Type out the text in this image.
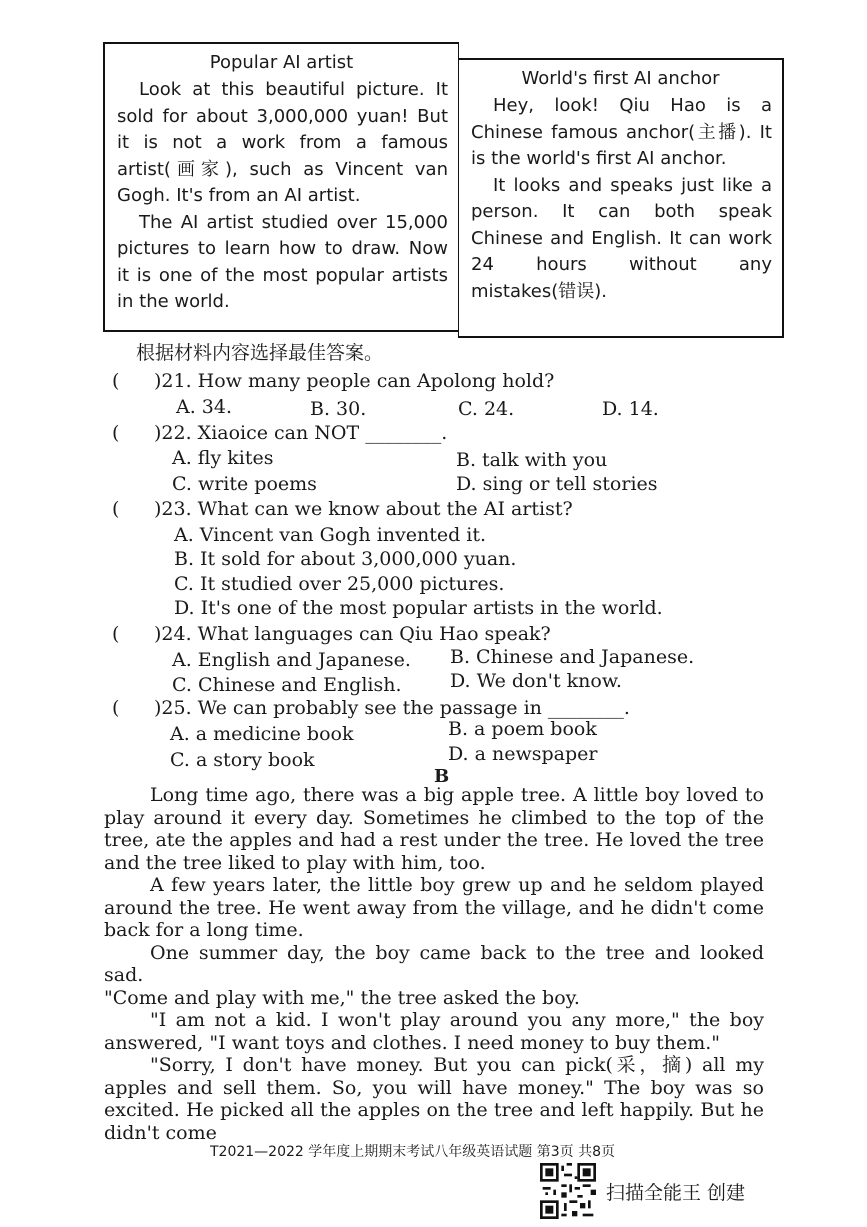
Popular AI artist

Look at this beautiful picture. It sold for about 3,000,000 yuan! But it is not a work from a famous artist(画家), such as Vincent van Gogh. It's from an AI artist.

The AI artist studied over 15,000 pictures to learn how to draw. Now it is one of the most popular artists in the world.

World's first AI anchor

Hey, look! Qiu Hao is a Chinese famous anchor(主播). It is the world's first AI anchor.

It looks and speaks just like a person. It can both speak Chinese and English. It can work 24 hours without any mistakes(错误).

根据材料内容选择最佳答案。
( )21. How many people can Apolong hold?
A. 34.	B. 30.	C. 24.	D. 14.
( )22. Xiaoice can NOT ________.
A. fly kites	B. talk with you
C. write poems	D. sing or tell stories
( )23. What can we know about the AI artist?
A. Vincent van Gogh invented it.
B. It sold for about 3,000,000 yuan.
C. It studied over 25,000 pictures.
D. It's one of the most popular artists in the world.
( )24. What languages can Qiu Hao speak?
A. English and Japanese. B. Chinese and Japanese.
C. Chinese and English.	D. We don't know.
( )25. We can probably see the passage in ________.
A. a medicine book	B. a poem book
C. a story book	D. a newspaper
B

Long time ago, there was a big apple tree. A little boy loved to play around it every day. Sometimes he climbed to the top of the tree, ate the apples and had a rest under the tree. He loved the tree and the tree liked to play with him, too.

A few years later, the little boy grew up and he seldom played around the tree. He went away from the village, and he didn't come back for a long time.

One summer day, the boy came back to the tree and looked sad.

"Come and play with me," the tree asked the boy.

"I am not a kid. I won't play around you any more," the boy answered, "I want toys and clothes. I need money to buy them."

"Sorry, I don't have money. But you can pick(采，摘) all my apples and sell them. So, you will have money." The boy was so excited. He picked all the apples on the tree and left happily. But he didn't come

T2021—2022 学年度上期期末考试八年级英语试题 第3页 共8页
扫描全能王 创建
